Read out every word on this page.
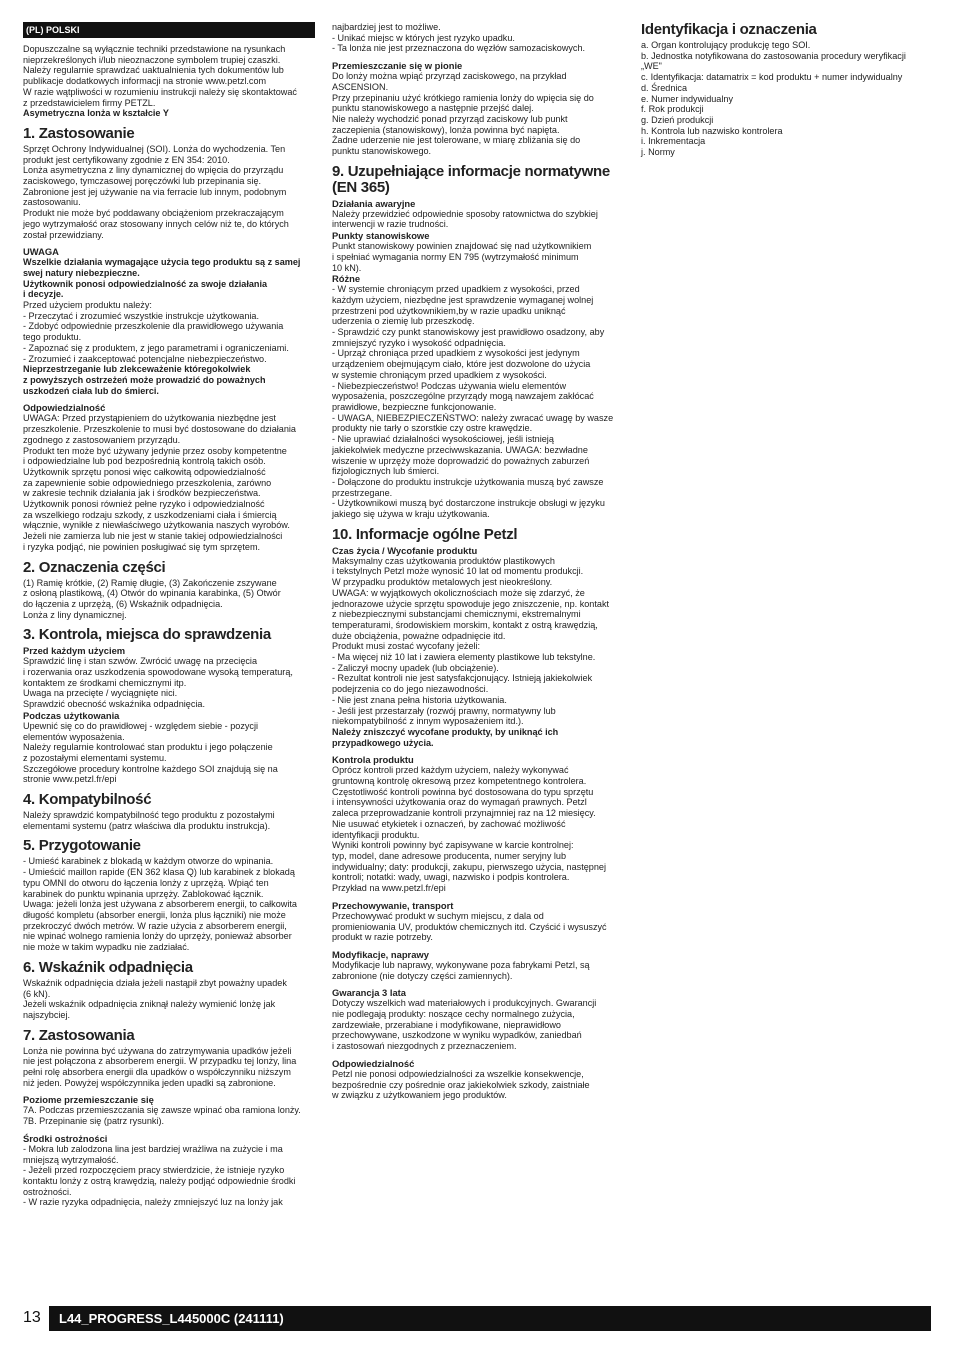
(PL) POLSKI

Dopuszczalne są wyłącznie techniki przedstawione na rysunkach
nieprzekreślonych i/lub nieoznaczone symbolem trupiej czaszki.
Należy regularnie sprawdzać uaktualnienia tych dokumentów lub
publikacje dodatkowych informacji na stronie www.petzl.com
W razie wątpliwości w rozumieniu instrukcji należy się skontaktować
z przedstawicielem firmy PETZL.

Asymetryczna lonża w kształcie Y

1. Zastosowanie

Sprzęt Ochrony Indywidualnej (SOI). Lonża do wychodzenia. Ten
produkt jest certyfikowany zgodnie z EN 354: 2010.
Lonża asymetryczna z liny dynamicznej do wpięcia do przyrządu
zaciskowego, tymczasowej poręczówki lub przepinania się.
Zabronione jest jej używanie na via ferracie lub innym, podobnym
zastosowaniu.
Produkt nie może być poddawany obciążeniom przekraczającym
jego wytrzymałość oraz stosowany innych celów niż te, do których
został przewidziany.

UWAGA

Wszelkie działania wymagające użycia tego produktu są z samej
swej natury niebezpieczne.
Użytkownik ponosi odpowiedzialność za swoje działania
i decyzje.

Przed użyciem produktu należy:
- Przeczytać i zrozumieć wszystkie instrukcje użytkowania.
- Zdobyć odpowiednie przeszkolenie dla prawidłowego używania
tego produktu.
- Zapoznać się z produktem, z jego parametrami i ograniczeniami.
- Zrozumieć i zaakceptować potencjalne niebezpieczeństwo.

Nieprzestrzeganie lub zlekceważenie któregokolwiek
z powyższych ostrzeżeń może prowadzić do poważnych
uszkodzeń ciała lub do śmierci.

Odpowiedzialność

UWAGA: Przed przystąpieniem do użytkowania niezbędne jest
przeszkolenie. Przeszkolenie to musi być dostosowane do działania
zgodnego z zastosowaniem przyrządu.
Produkt ten może być używany jedynie przez osoby kompetentne
i odpowiedzialne lub pod bezpośrednią kontrolą takich osób.
Użytkownik sprzętu ponosi więc całkowitą odpowiedzialność
za zapewnienie sobie odpowiedniego przeszkolenia, zarówno
w zakresie technik działania jak i środków bezpieczeństwa.
Użytkownik ponosi również pełne ryzyko i odpowiedzialność
za wszelkiego rodzaju szkody, z uszkodzeniami ciała i śmiercią
włącznie, wynikłe z niewłaściwego użytkowania naszych wyrobów.
Jeżeli nie zamierza lub nie jest w stanie takiej odpowiedzialności
i ryzyka podjąć, nie powinien posługiwać się tym sprzętem.

2. Oznaczenia części

(1) Ramię krótkie, (2) Ramię długie, (3) Zakończenie zszywane
z osłoną plastikową, (4) Otwór do wpinania karabinka, (5) Otwór
do łączenia z uprzężą, (6) Wskaźnik odpadnięcia.
Lonża z liny dynamicznej.

3. Kontrola, miejsca do sprawdzenia
Przed każdym użyciem

Sprawdzić linę i stan szwów. Zwrócić uwagę na przecięcia
i rozerwania oraz uszkodzenia spowodowane wysoką temperaturą,
kontaktem ze środkami chemicznymi itp.
Uwaga na przecięte / wyciągnięte nici.
Sprawdzić obecność wskaźnika odpadnięcia.

Podczas użytkowania

Upewnić się co do prawidłowej - względem siebie - pozycji
elementów wyposażenia.
Należy regularnie kontrolować stan produktu i jego połączenie
z pozostałymi elementami systemu.
Szczegółowe procedury kontrolne każdego SOI znajdują się na
stronie www.petzl.fr/epi

4. Kompatybilność

Należy sprawdzić kompatybilność tego produktu z pozostałymi
elementami systemu (patrz właściwa dla produktu instrukcja).

5. Przygotowanie

- Umieść karabinek z blokadą w każdym otworze do wpinania.
- Umieścić maillon rapide (EN 362 klasa Q) lub karabinek z blokadą
typu OMNI do otworu do łączenia lonży z uprzężą. Wpiąć ten
karabinek do punktu wpinania uprzęży. Zablokować łącznik.
Uwaga: jeżeli lonża jest używana z absorberem energii, to całkowita
długość kompletu (absorber energii, lonża plus łączniki) nie może
przekroczyć dwóch metrów. W razie użycia z absorberem energii,
nie wpinać wolnego ramienia lonży do uprzęży, ponieważ absorber
nie może w takim wypadku nie zadziałać.

6. Wskaźnik odpadnięcia

Wskaźnik odpadnięcia działa jeżeli nastąpił zbyt poważny upadek
(6 kN).
Jeżeli wskaźnik odpadnięcia zniknął należy wymienić lonżę jak
najszybciej.

7. Zastosowania

Lonża nie powinna być używana do zatrzymywania upadków jeżeli
nie jest połączona z absorberem energii. W przypadku tej lonży, lina
pełni rolę absorbera energii dla upadków o współczynniku niższym
niż jeden. Powyżej współczynnika jeden upadki są zabronione.

Poziome przemieszczanie się

7A. Podczas przemieszczania się zawsze wpinać oba ramiona lonży.
7B. Przepinanie się (patrz rysunki).

Środki ostrożności

- Mokra lub zalodzona lina jest bardziej wrażliwa na zużycie i ma
mniejszą wytrzymałość.
- Jeżeli przed rozpoczęciem pracy stwierdzicie, że istnieje ryzyko
kontaktu lonży z ostrą krawędzią, należy podjąć odpowiednie środki
ostrożności.
- W razie ryzyka odpadnięcia, należy zmniejszyć luz na lonży jak

najbardziej jest to możliwe.
- Unikać miejsc w których jest ryzyko upadku.
- Ta lonża nie jest przeznaczona do węzłów samozaciskowych.

Przemieszczanie się w pionie

Do lonży można wpiąć przyrząd zaciskowego, na przykład
ASCENSION.
Przy przepinaniu użyć krótkiego ramienia lonży do wpięcia się do
punktu stanowiskowego a następnie przejść dalej.
Nie należy wychodzić ponad przyrząd zaciskowy lub punkt
zaczepienia (stanowiskowy), lonża powinna być napięta.
Żadne uderzenie nie jest tolerowane, w miarę zbliżania się do
punktu stanowiskowego.

9. Uzupełniające informacje normatywne
(EN 365)
Działania awaryjne

Należy przewidzieć odpowiednie sposoby ratownictwa do szybkiej
interwencji w razie trudności.

Punkty stanowiskowe

Punkt stanowiskowy powinien znajdować się nad użytkownikiem
i spełniać wymagania normy EN 795 (wytrzymałość minimum
10 kN).

Różne

- W systemie chroniącym przed upadkiem z wysokości, przed
każdym użyciem, niezbędne jest sprawdzenie wymaganej wolnej
przestrzeni pod użytkownikiem,by w razie upadku uniknąć
uderzenia o ziemię lub przeszkodę.
- Sprawdzić czy punkt stanowiskowy jest prawidłowo osadzony, aby
zmniejszyć ryzyko i wysokość odpadnięcia.
- Uprząż chroniąca przed upadkiem z wysokości jest jedynym
urządzeniem obejmującym ciało, które jest dozwolone do użycia
w systemie chroniącym przed upadkiem z wysokości.
- Niebezpieczeństwo! Podczas używania wielu elementów
wyposażenia, poszczególne przyrządy mogą nawzajem zakłócać
prawidłowe, bezpieczne funkcjonowanie.
- UWAGA, NIEBEZPIECZEŃSTWO: należy zwracać uwagę by wasze
produkty nie tarły o szorstkie czy ostre krawędzie.
- Nie uprawiać działalności wysokościowej, jeśli istnieją
jakiekolwiek medyczne przeciwwskazania. UWAGA: bezwładne
wiszenie w uprzęży może doprowadzić do poważnych zaburzeń
fizjologicznych lub śmierci.
- Dołączone do produktu instrukcje użytkowania muszą być zawsze
przestrzegane.
- Użytkownikowi muszą być dostarczone instrukcje obsługi w języku
jakiego się używa w kraju użytkowania.

10. Informacje ogólne Petzl
Czas życia / Wycofanie produktu

Maksymalny czas użytkowania produktów plastikowych
i tekstylnych Petzl może wynosić 10 lat od momentu produkcji.
W przypadku produktów metalowych jest nieokreślony.
UWAGA: w wyjątkowych okolicznościach może się zdarzyć, że
jednorazowe użycie sprzętu spowoduje jego zniszczenie, np. kontakt
z niebezpiecznymi substancjami chemicznymi, ekstremalnymi
temperaturami, środowiskiem morskim, kontakt z ostrą krawędzią,
duże obciążenia, poważne odpadnięcie itd.
Produkt musi zostać wycofany jeżeli:
- Ma więcej niż 10 lat i zawiera elementy plastikowe lub tekstylne.
- Zaliczył mocny upadek (lub obciążenie).
- Rezultat kontroli nie jest satysfakcjonujący. Istnieją jakiekolwiek
podejrzenia co do jego niezawodności.
- Nie jest znana pełna historia użytkowania.
- Jeśli jest przestarzały (rozwój prawny, normatywny lub
niekompatybilność z innym wyposażeniem itd.).

Należy zniszczyć wycofane produkty, by uniknąć ich
przypadkowego użycia.

Kontrola produktu

Oprócz kontroli przed każdym użyciem, należy wykonywać
gruntowną kontrolę okresową przez kompetentnego kontrolera.
Częstotliwość kontroli powinna być dostosowana do typu sprzętu
i intensywności użytkowania oraz do wymagań prawnych. Petzl
zaleca przeprowadzanie kontroli przynajmniej raz na 12 miesięcy.
Nie usuwać etykietek i oznaczeń, by zachować możliwość
identyfikacji produktu.
Wyniki kontroli powinny być zapisywane w karcie kontrolnej:
typ, model, dane adresowe producenta, numer seryjny lub
indywidualny; daty: produkcji, zakupu, pierwszego użycia, następnej
kontroli; notatki: wady, uwagi, nazwisko i podpis kontrolera.
Przykład na www.petzl.fr/epi

Przechowywanie, transport

Przechowywać produkt w suchym miejscu, z dala od
promieniowania UV, produktów chemicznych itd. Czyścić i wysuszyć
produkt w razie potrzeby.

Modyfikacje, naprawy

Modyfikacje lub naprawy, wykonywane poza fabrykami Petzl, są
zabronione (nie dotyczy części zamiennych).

Gwarancja 3 lata

Dotyczy wszelkich wad materiałowych i produkcyjnych. Gwarancji
nie podlegają produkty: noszące cechy normalnego zużycia,
zardzewiałe, przerabiane i modyfikowane, nieprawidłowo
przechowywane, uszkodzone w wyniku wypadków, zaniedbań
i zastosowań niezgodnych z przeznaczeniem.

Odpowiedzialność

Petzl nie ponosi odpowiedzialności za wszelkie konsekwencje,
bezpośrednie czy pośrednie oraz jakiekolwiek szkody, zaistniałe
w związku z użytkowaniem jego produktów.

Identyfikacja i oznaczenia

a. Organ kontrolujący produkcję tego SOI.
b. Jednostka notyfikowana do zastosowania procedury weryfikacji
„WE"
c. Identyfikacja: datamatrix = kod produktu + numer indywidualny
d. Średnica
e. Numer indywidualny
f. Rok produkcji
g. Dzień produkcji
h. Kontrola lub nazwisko kontrolera
i. Inkrementacja
j. Normy

13	L44_PROGRESS_L445000C (241111)
